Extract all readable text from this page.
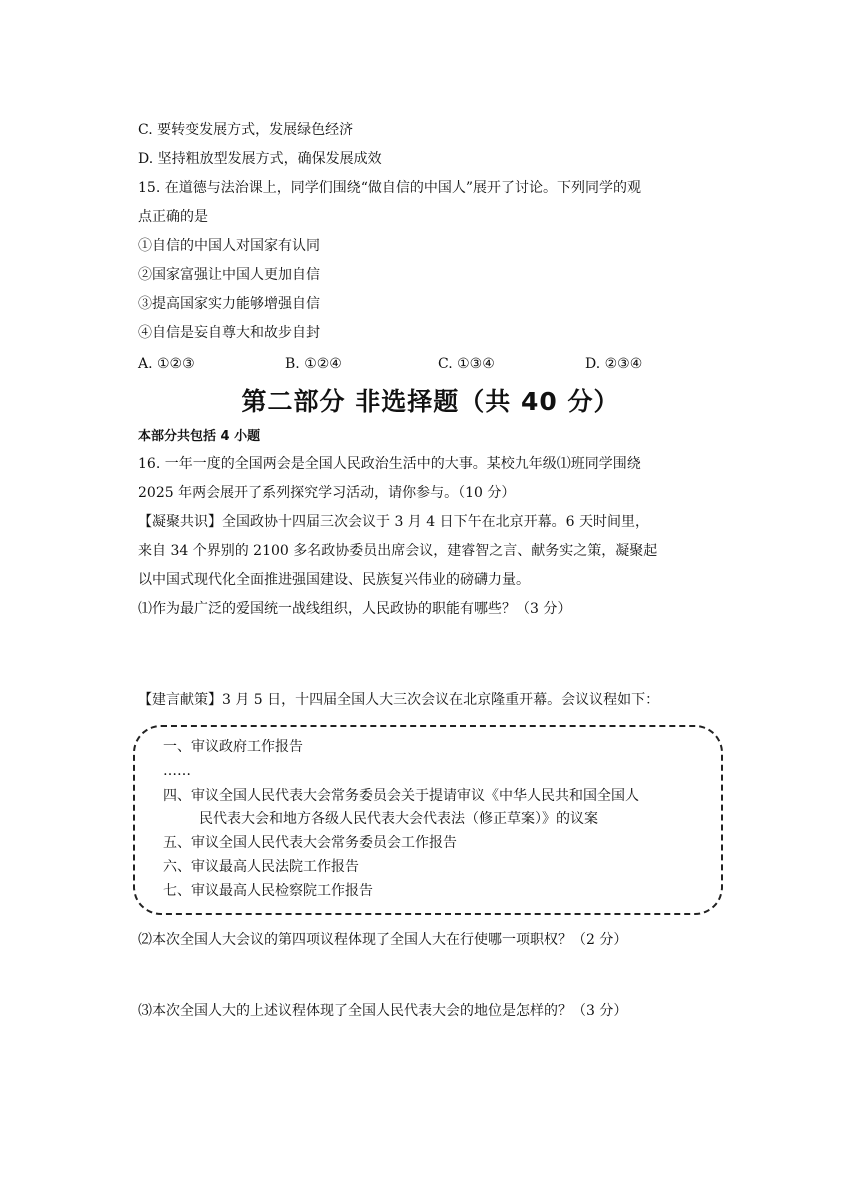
C. 要转变发展方式，发展绿色经济
D. 坚持粗放型发展方式，确保发展成效
15. 在道德与法治课上，同学们围绕“做自信的中国人”展开了讨论。下列同学的观
点正确的是
①自信的中国人对国家有认同
②国家富强让中国人更加自信
③提高国家实力能够增强自信
④自信是妄自尊大和故步自封
A. ①②③	B. ①②④	C. ①③④	D. ②③④
第二部分 非选择题（共 40 分）
本部分共包括 4 小题
16. 一年一度的全国两会是全国人民政治生活中的大事。某校九年级⑴班同学围绕
2025 年两会展开了系列探究学习活动，请你参与。（10 分）
【凝聚共识】全国政协十四届三次会议于 3 月 4 日下午在北京开幕。6 天时间里，
来自 34 个界别的 2100 多名政协委员出席会议，建睿智之言、献务实之策，凝聚起
以中国式现代化全面推进强国建设、民族复兴伟业的磅礴力量。
⑴作为最广泛的爱国统一战线组织，人民政协的职能有哪些？（3 分）
【建言献策】3 月 5 日，十四届全国人大三次会议在北京隆重开幕。会议议程如下：
一、审议政府工作报告
……
四、审议全国人民代表大会常务委员会关于提请审议《中华人民共和国全国人
民代表大会和地方各级人民代表大会代表法（修正草案）》的议案
五、审议全国人民代表大会常务委员会工作报告
六、审议最高人民法院工作报告
七、审议最高人民检察院工作报告
⑵本次全国人大会议的第四项议程体现了全国人大在行使哪一项职权？（2 分）
⑶本次全国人大的上述议程体现了全国人民代表大会的地位是怎样的？（3 分）
